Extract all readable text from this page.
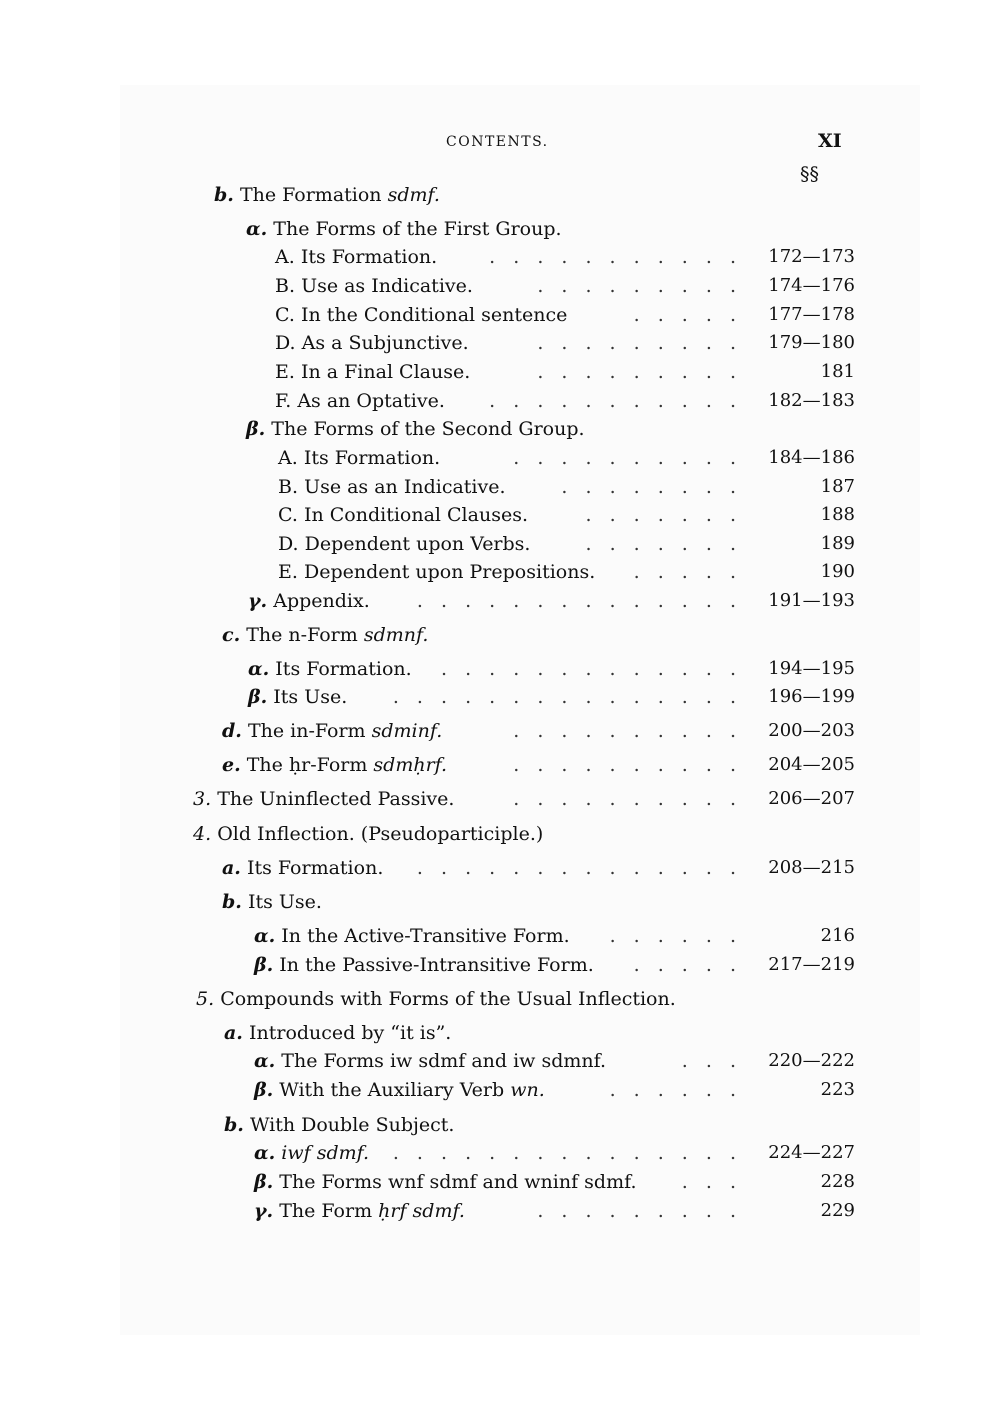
CONTENTS.	XI
§§
b. The Formation sdmf.
α. The Forms of the First Group.
A. Its Formation.	. . . . . . . . . . . 172—173
B. Use as Indicative.	. . . . . . . . . 174—176
C. In the Conditional sentence	. . . . . 177—178
D. As a Subjunctive.	. . . . . . . . . 179—180
E. In a Final Clause.	. . . . . . . . .	181
F. As an Optative. . . . . . . . . . . . 182—183
β. The Forms of the Second Group.
A. Its Formation.	. . . . . . . . . . 184—186
B. Use as an Indicative.	. . . . . . . .	187
C. In Conditional Clauses.	. . . . . . .	188
D. Dependent upon Verbs.	. . . . . . .	189
E. Dependent upon Prepositions. . . . . .	190
γ. Appendix. . . . . . . . . . . . . . . 191—193
c. The n-Form sdmnf.
α. Its Formation. . . . . . . . . . . . . . 194—195
β. Its Use. . . . . . . . . . . . . . . . 196—199
d. The in-Form sdminf.	. . . . . . . . . . 200—203
e. The ḥr-Form sdmḥrf.	. . . . . . . . . . 204—205
3. The Uninflected Passive.	. . . . . . . . . . 206—207
4. Old Inflection. (Pseudoparticiple.)
a. Its Formation. . . . . . . . . . . . . . . 208—215
b. Its Use.
α. In the Active-Transitive Form. . . . . . .	216
β. In the Passive-Intransitive Form. . . . . . 217—219
5. Compounds with Forms of the Usual Inflection.
a. Introduced by “it is”.
α. The Forms iw sdmf and iw sdmnf.	. . . 220—222
β. With the Auxiliary Verb wn.	. . . . . .	223
b. With Double Subject.
α. iwf sdmf. . . . . . . . . . . . . . . . 224—227
β. The Forms wnf sdmf and wninf sdmf. . . .	228
γ. The Form ḥrf sdmf.	. . . . . . . . .	229
